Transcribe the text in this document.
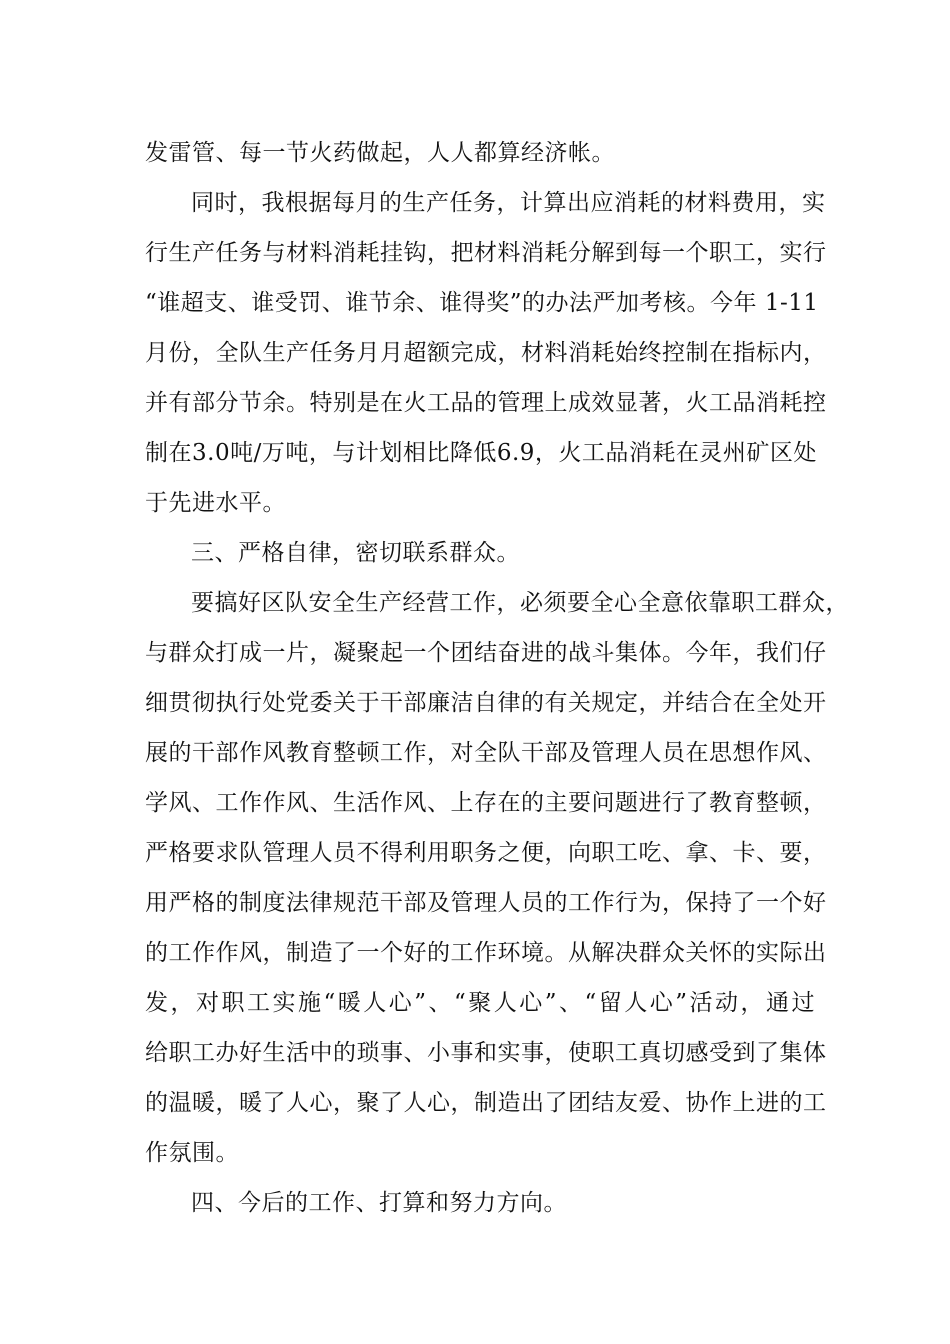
发雷管、每一节火药做起，人人都算经济帐。
同时，我根据每月的生产任务，计算出应消耗的材料费用，实
行生产任务与材料消耗挂钩，把材料消耗分解到每一个职工，实行
“谁超支、谁受罚、谁节余、谁得奖”的办法严加考核。今年 1-11
月份，全队生产任务月月超额完成，材料消耗始终控制在指标内，
并有部分节余。特别是在火工品的管理上成效显著，火工品消耗控
制在3.0吨/万吨，与计划相比降低6.9，火工品消耗在灵州矿区处
于先进水平。
三、严格自律，密切联系群众。
要搞好区队安全生产经营工作，必须要全心全意依靠职工群众，
与群众打成一片，凝聚起一个团结奋进的战斗集体。今年，我们仔
细贯彻执行处党委关于干部廉洁自律的有关规定，并结合在全处开
展的干部作风教育整顿工作，对全队干部及管理人员在思想作风、
学风、工作作风、生活作风、上存在的主要问题进行了教育整顿，
严格要求队管理人员不得利用职务之便，向职工吃、拿、卡、要，
用严格的制度法律规范干部及管理人员的工作行为，保持了一个好
的工作作风，制造了一个好的工作环境。从解决群众关怀的实际出
发，对职工实施“暖人心”、“聚人心”、“留人心”活动，通过
给职工办好生活中的琐事、小事和实事，使职工真切感受到了集体
的温暖，暖了人心，聚了人心，制造出了团结友爱、协作上进的工
作氛围。
四、今后的工作、打算和努力方向。
